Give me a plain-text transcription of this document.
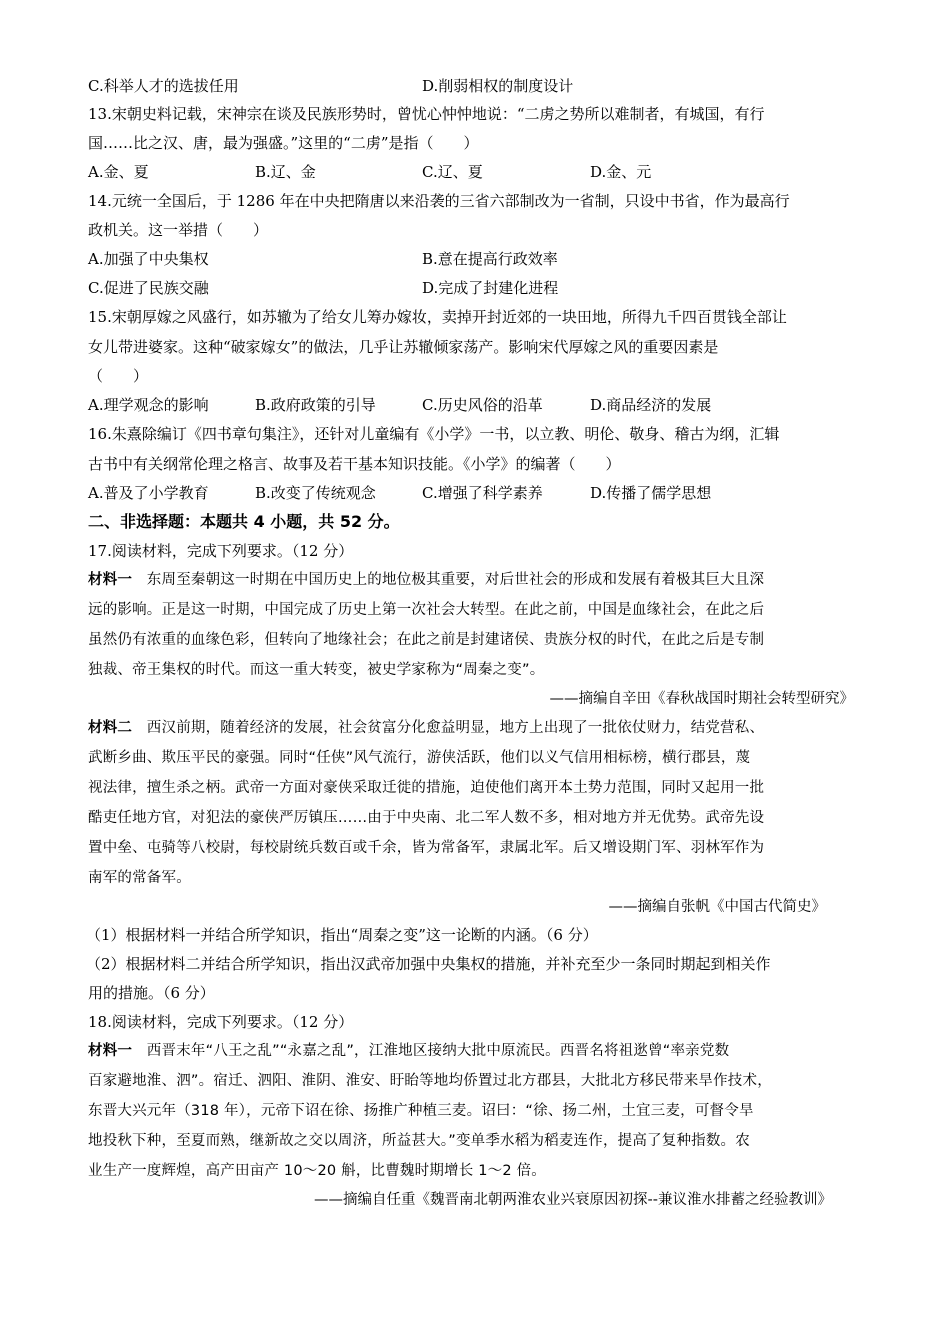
C.科举人才的选拔任用	D.削弱相权的制度设计
13.宋朝史料记载，宋神宗在谈及民族形势时，曾忧心忡忡地说：“二虏之势所以难制者，有城国，有行
国……比之汉、唐，最为强盛。”这里的“二虏”是指（　　）
A.金、夏	B.辽、金	C.辽、夏	D.金、元
14.元统一全国后，于 1286 年在中央把隋唐以来沿袭的三省六部制改为一省制，只设中书省，作为最高行
政机关。这一举措（　　）
A.加强了中央集权	B.意在提高行政效率
C.促进了民族交融	D.完成了封建化进程
15.宋朝厚嫁之风盛行，如苏辙为了给女儿筹办嫁妆，卖掉开封近郊的一块田地，所得九千四百贯钱全部让
女儿带进婆家。这种“破家嫁女”的做法，几乎让苏辙倾家荡产。影响宋代厚嫁之风的重要因素是
（　　）
A.理学观念的影响	B.政府政策的引导	C.历史风俗的沿革	D.商品经济的发展
16.朱熹除编订《四书章句集注》，还针对儿童编有《小学》一书，以立教、明伦、敬身、稽古为纲，汇辑
古书中有关纲常伦理之格言、故事及若干基本知识技能。《小学》的编著（　　）
A.普及了小学教育	B.改变了传统观念	C.增强了科学素养	D.传播了儒学思想
二、非选择题：本题共 4 小题，共 52 分。
17.阅读材料，完成下列要求。（12 分）
材料一　东周至秦朝这一时期在中国历史上的地位极其重要，对后世社会的形成和发展有着极其巨大且深
远的影响。正是这一时期，中国完成了历史上第一次社会大转型。在此之前，中国是血缘社会，在此之后
虽然仍有浓重的血缘色彩，但转向了地缘社会；在此之前是封建诸侯、贵族分权的时代，在此之后是专制
独裁、帝王集权的时代。而这一重大转变，被史学家称为“周秦之变”。
——摘编自辛田《春秋战国时期社会转型研究》
材料二　西汉前期，随着经济的发展，社会贫富分化愈益明显，地方上出现了一批依仗财力，结党营私、
武断乡曲、欺压平民的豪强。同时“任侠”风气流行，游侠活跃，他们以义气信用相标榜，横行郡县，蔑
视法律，擅生杀之柄。武帝一方面对豪侠采取迁徙的措施，迫使他们离开本土势力范围，同时又起用一批
酷吏任地方官，对犯法的豪侠严厉镇压……由于中央南、北二军人数不多，相对地方并无优势。武帝先设
置中垒、屯骑等八校尉，每校尉统兵数百或千余，皆为常备军，隶属北军。后又增设期门军、羽林军作为
南军的常备军。
——摘编自张帆《中国古代简史》
（1）根据材料一并结合所学知识，指出“周秦之变”这一论断的内涵。（6 分）
（2）根据材料二并结合所学知识，指出汉武帝加强中央集权的措施，并补充至少一条同时期起到相关作
用的措施。（6 分）
18.阅读材料，完成下列要求。（12 分）
材料一　西晋末年“八王之乱”“永嘉之乱”，江淮地区接纳大批中原流民。西晋名将祖逖曾“率亲党数
百家避地淮、泗”。宿迁、泗阳、淮阴、淮安、盱眙等地均侨置过北方郡县，大批北方移民带来旱作技术，
东晋大兴元年（318 年），元帝下诏在徐、扬推广种植三麦。诏曰：“徐、扬二州，土宜三麦，可督令旱
地投秋下种，至夏而熟，继新故之交以周济，所益甚大。”变单季水稻为稻麦连作，提高了复种指数。农
业生产一度辉煌，高产田亩产 10～20 斛，比曹魏时期增长 1～2 倍。
——摘编自任重《魏晋南北朝两淮农业兴衰原因初探--兼议淮水排蓄之经验教训》
